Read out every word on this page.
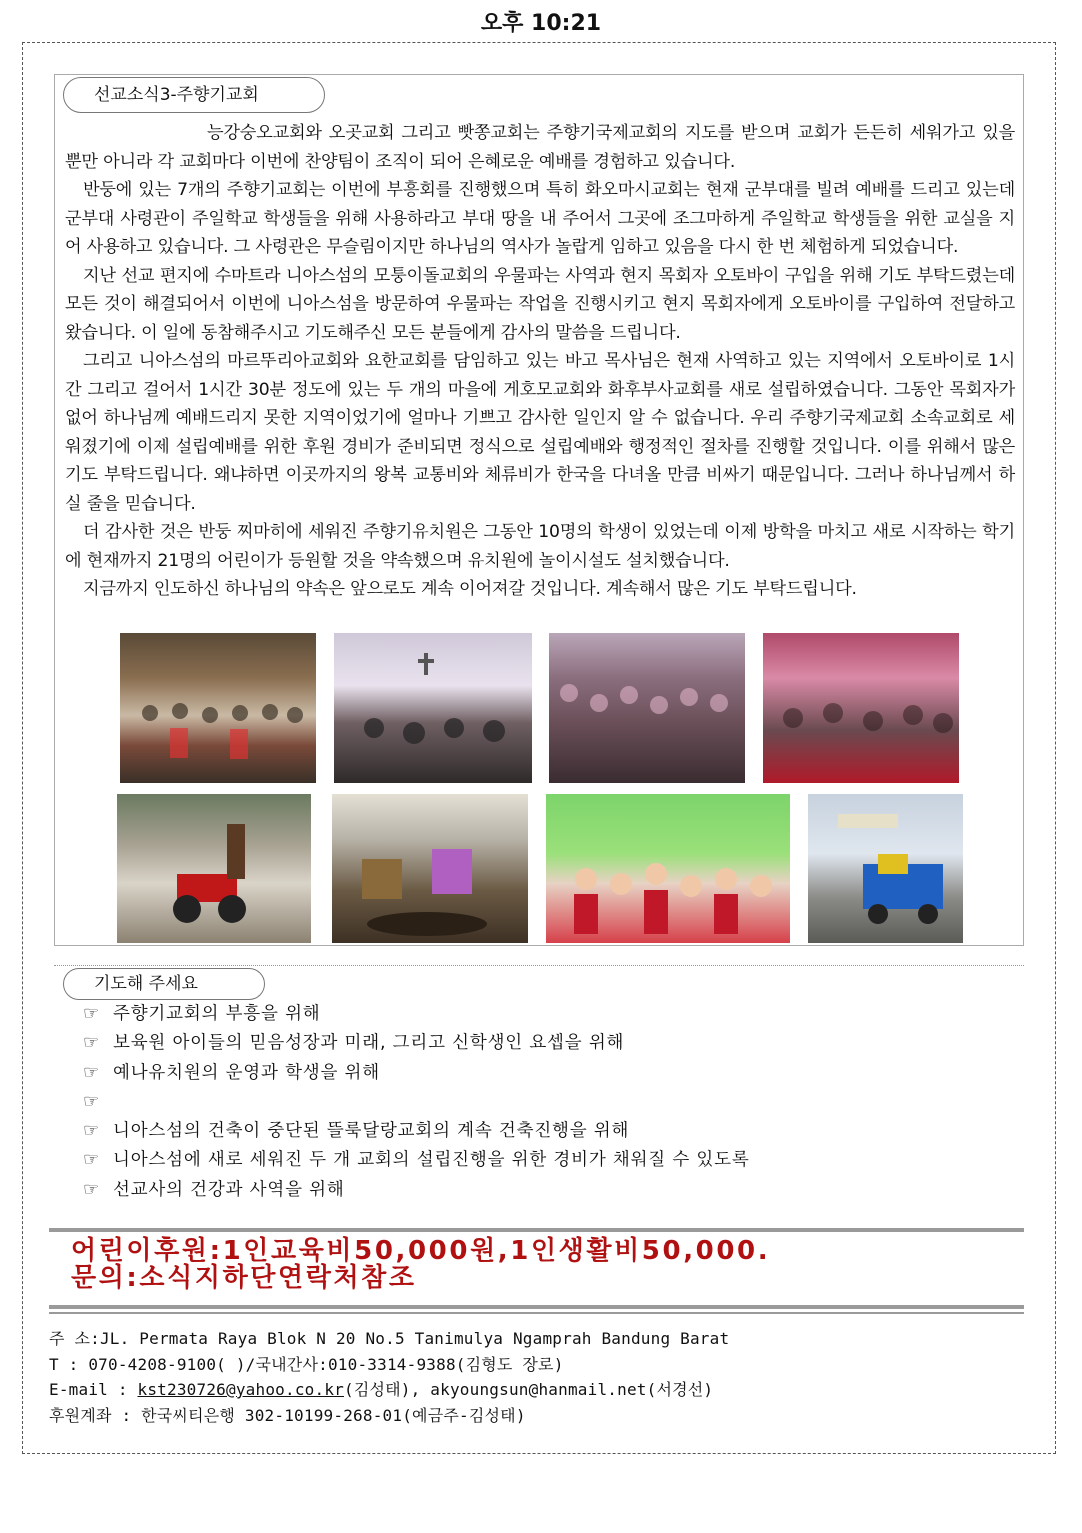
오후 10:21
선교소식3-주향기교회

능강숭오교회와 오곳교회 그리고 빳쫑교회는 주향기국제교회의 지도를 받으며 교회가 든든히 세워가고 있을 뿐만 아니라 각 교회마다 이번에 찬양팀이 조직이 되어 은혜로운 예배를 경험하고 있습니다.

반둥에 있는 7개의 주향기교회는 이번에 부흥회를 진행했으며 특히 화오마시교회는 현재 군부대를 빌려 예배를 드리고 있는데 군부대 사령관이 주일학교 학생들을 위해 사용하라고 부대 땅을 내 주어서 그곳에 조그마하게 주일학교 학생들을 위한 교실을 지어 사용하고 있습니다. 그 사령관은 무슬림이지만 하나님의 역사가 놀랍게 임하고 있음을 다시 한 번 체험하게 되었습니다.

지난 선교 편지에 수마트라 니아스섬의 모퉁이돌교회의 우물파는 사역과 현지 목회자 오토바이 구입을 위해 기도 부탁드렸는데 모든 것이 해결되어서 이번에 니아스섬을 방문하여 우물파는 작업을 진행시키고 현지 목회자에게 오토바이를 구입하여 전달하고 왔습니다. 이 일에 동참해주시고 기도해주신 모든 분들에게 감사의 말씀을 드립니다.

그리고 니아스섬의 마르뚜리아교회와 요한교회를 담임하고 있는 바고 목사님은 현재 사역하고 있는 지역에서 오토바이로 1시간 그리고 걸어서 1시간 30분 정도에 있는 두 개의 마을에 게호모교회와 화후부사교회를 새로 설립하였습니다. 그동안 목회자가 없어 하나님께 예배드리지 못한 지역이었기에 얼마나 기쁘고 감사한 일인지 알 수 없습니다. 우리 주향기국제교회 소속교회로 세워졌기에 이제 설립예배를 위한 후원 경비가 준비되면 정식으로 설립예배와 행정적인 절차를 진행할 것입니다. 이를 위해서 많은 기도 부탁드립니다. 왜냐하면 이곳까지의 왕복 교통비와 체류비가 한국을 다녀올 만큼 비싸기 때문입니다. 그러나 하나님께서 하실 줄을 믿습니다.

더 감사한 것은 반둥 찌마히에 세워진 주향기유치원은 그동안 10명의 학생이 있었는데 이제 방학을 마치고 새로 시작하는 학기에 현재까지 21명의 어린이가 등원할 것을 약속했으며 유치원에 놀이시설도 설치했습니다.

지금까지 인도하신 하나님의 약속은 앞으로도 계속 이어져갈 것입니다. 계속해서 많은 기도 부탁드립니다.

기도해 주세요
☞ 주향기교회의 부흥을 위해
☞ 보육원 아이들의 믿음성장과 미래, 그리고 신학생인 요셉을 위해
☞ 예나유치원의 운영과 학생을 위해
☞
☞ 니아스섬의 건축이 중단된 뜰룩달랑교회의 계속 건축진행을 위해
☞ 니아스섬에 새로 세워진 두 개 교회의 설립진행을 위한 경비가 채워질 수 있도록
☞ 선교사의 건강과 사역을 위해
어린이후원:1인교육비50,000원,1인생활비50,000.
문의:소식지하단연락처참조
주 소:JL. Permata Raya Blok N 20 No.5 Tanimulya Ngamprah Bandung Barat
T : 070-4208-9100( )/국내간사:010-3314-9388(김형도 장로)
E-mail : kst230726@yahoo.co.kr(김성태), akyoungsun@hanmail.net(서경선)
후원계좌 : 한국씨티은행 302-10199-268-01(예금주-김성태)
